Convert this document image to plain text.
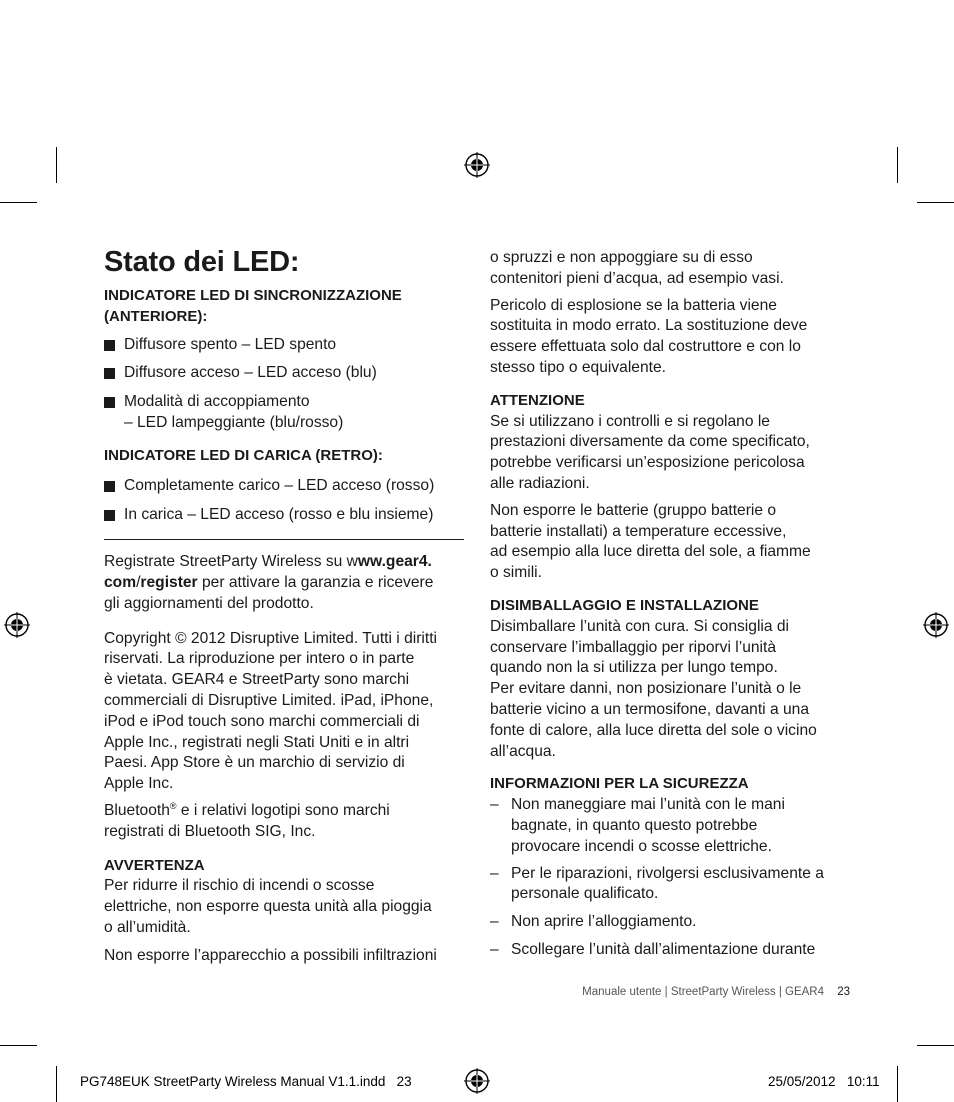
Stato dei LED:

INDICATORE LED DI SINCRONIZZAZIONE
(ANTERIORE):

Diffusore spento – LED spento
Diffusore acceso – LED acceso (blu)
Modalità di accoppiamento
– LED lampeggiante (blu/rosso)

INDICATORE LED DI CARICA (RETRO):

Completamente carico – LED acceso (rosso)
In carica – LED acceso (rosso e blu insieme)

Registrate StreetParty Wireless su www.gear4.
com/register per attivare la garanzia e ricevere
gli aggiornamenti del prodotto.

Copyright © 2012 Disruptive Limited. Tutti i diritti
riservati. La riproduzione per intero o in parte
è vietata. GEAR4 e StreetParty sono marchi
commerciali di Disruptive Limited. iPad, iPhone,
iPod e iPod touch sono marchi commerciali di
Apple Inc., registrati negli Stati Uniti e in altri
Paesi. App Store è un marchio di servizio di
Apple Inc.

Bluetooth® e i relativi logotipi sono marchi
registrati di Bluetooth SIG, Inc.

AVVERTENZA

Per ridurre il rischio di incendi o scosse
elettriche, non esporre questa unità alla pioggia
o all’umidità.

Non esporre l’apparecchio a possibili infiltrazioni

o spruzzi e non appoggiare su di esso
contenitori pieni d’acqua, ad esempio vasi.

Pericolo di esplosione se la batteria viene
sostituita in modo errato. La sostituzione deve
essere effettuata solo dal costruttore e con lo
stesso tipo o equivalente.

ATTENZIONE

Se si utilizzano i controlli e si regolano le
prestazioni diversamente da come specificato,
potrebbe verificarsi un’esposizione pericolosa
alle radiazioni.

Non esporre le batterie (gruppo batterie o
batterie installati) a temperature eccessive,
ad esempio alla luce diretta del sole, a fiamme
o simili.

DISIMBALLAGGIO E INSTALLAZIONE

Disimballare l’unità con cura. Si consiglia di
conservare l’imballaggio per riporvi l’unità
quando non la si utilizza per lungo tempo.
Per evitare danni, non posizionare l’unità o le
batterie vicino a un termosifone, davanti a una
fonte di calore, alla luce diretta del sole o vicino
all’acqua.

INFORMAZIONI PER LA SICUREZZA

– Non maneggiare mai l’unità con le mani
bagnate, in quanto questo potrebbe
provocare incendi o scosse elettriche.
– Per le riparazioni, rivolgersi esclusivamente a
personale qualificato.
– Non aprire l’alloggiamento.
– Scollegare l’unità dall’alimentazione durante
Manuale utente | StreetParty Wireless | GEAR4 23
PG748EUK StreetParty Wireless Manual V1.1.indd   23	25/05/2012   10:11
